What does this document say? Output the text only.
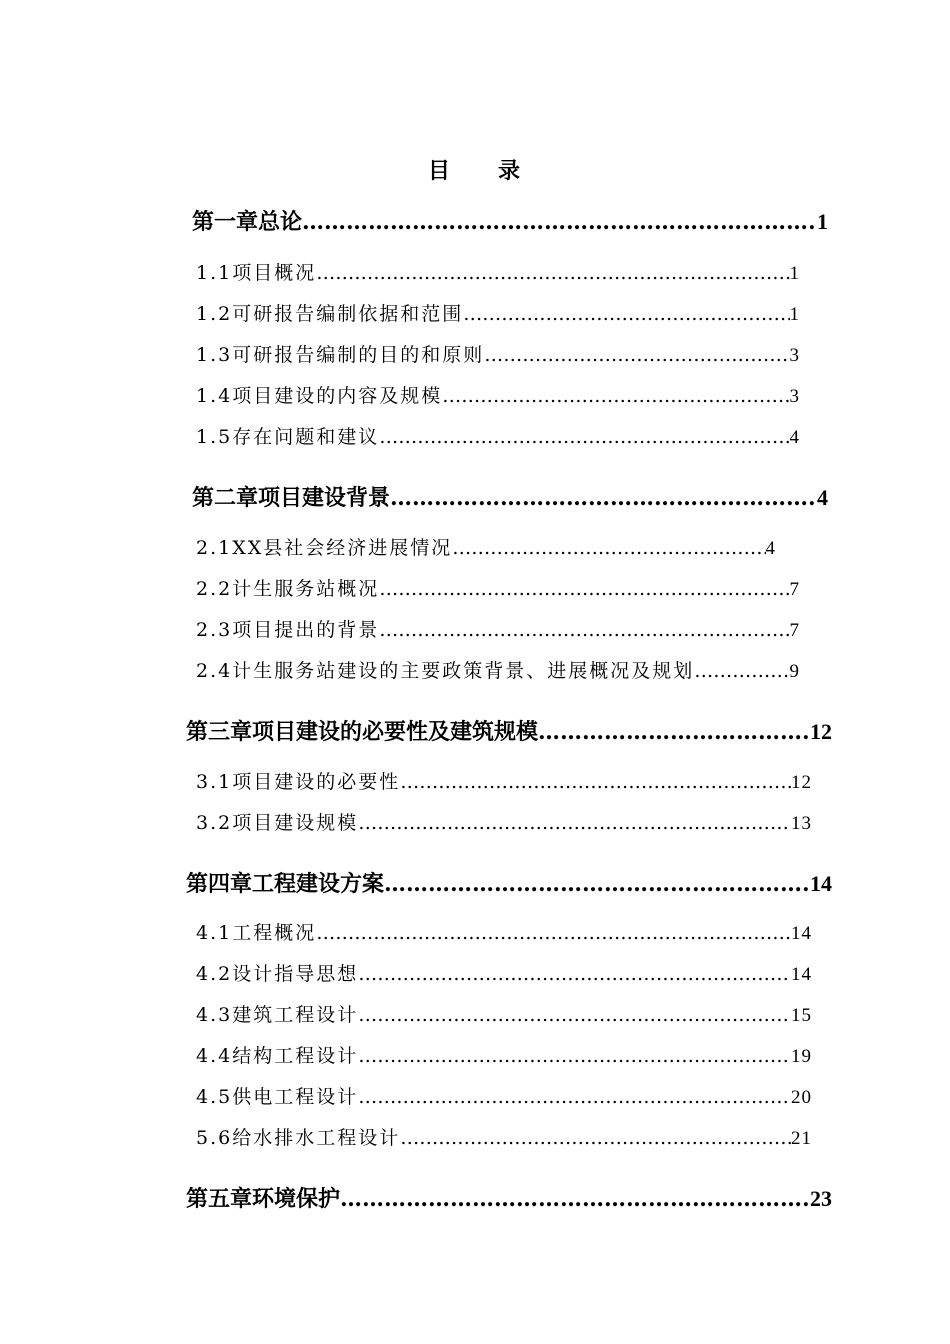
目 录
第一章 总论 ……………………………………………………………………………………………………………………………………………………………………	1
1.1项目概况 ……………………………………………………………………………………………………………………………………………………………………	1
1.2可研报告编制依据和范围 ……………………………………………………………………………………………………………………………………………………………………	1
1.3可研报告编制的目的和原则 ……………………………………………………………………………………………………………………………………………………………………	3
1.4项目建设的内容及规模 ……………………………………………………………………………………………………………………………………………………………………	3
1.5存在问题和建议 ……………………………………………………………………………………………………………………………………………………………………	4
第二章 项目建设背景 ……………………………………………………………………………………………………………………………………………………………………	4
2.1XX县社会经济进展情况 ……………………………………………………………………………………………………………………………………………………………………	4
2.2计生服务站概况 ……………………………………………………………………………………………………………………………………………………………………	7
2.3项目提出的背景 ……………………………………………………………………………………………………………………………………………………………………	7
2.4计生服务站建设的主要政策背景、进展概况及规划 ……………………………………………………………………………………………………………………………………………………………………	9
第三章 项目建设的必要性及建筑规模 ……………………………………………………………………………………………………………………………………………………………………	12
3.1项目建设的必要性 ……………………………………………………………………………………………………………………………………………………………………	12
3.2项目建设规模 ……………………………………………………………………………………………………………………………………………………………………	13
第四章 工程建设方案 ……………………………………………………………………………………………………………………………………………………………………	14
4.1工程概况 ……………………………………………………………………………………………………………………………………………………………………	14
4.2设计指导思想 ……………………………………………………………………………………………………………………………………………………………………	14
4.3建筑工程设计 ……………………………………………………………………………………………………………………………………………………………………	15
4.4结构工程设计 ……………………………………………………………………………………………………………………………………………………………………	19
4.5供电工程设计 ……………………………………………………………………………………………………………………………………………………………………	20
5.6给水排水工程设计 ……………………………………………………………………………………………………………………………………………………………………	21
第五章 环境保护 ……………………………………………………………………………………………………………………………………………………………………	23
